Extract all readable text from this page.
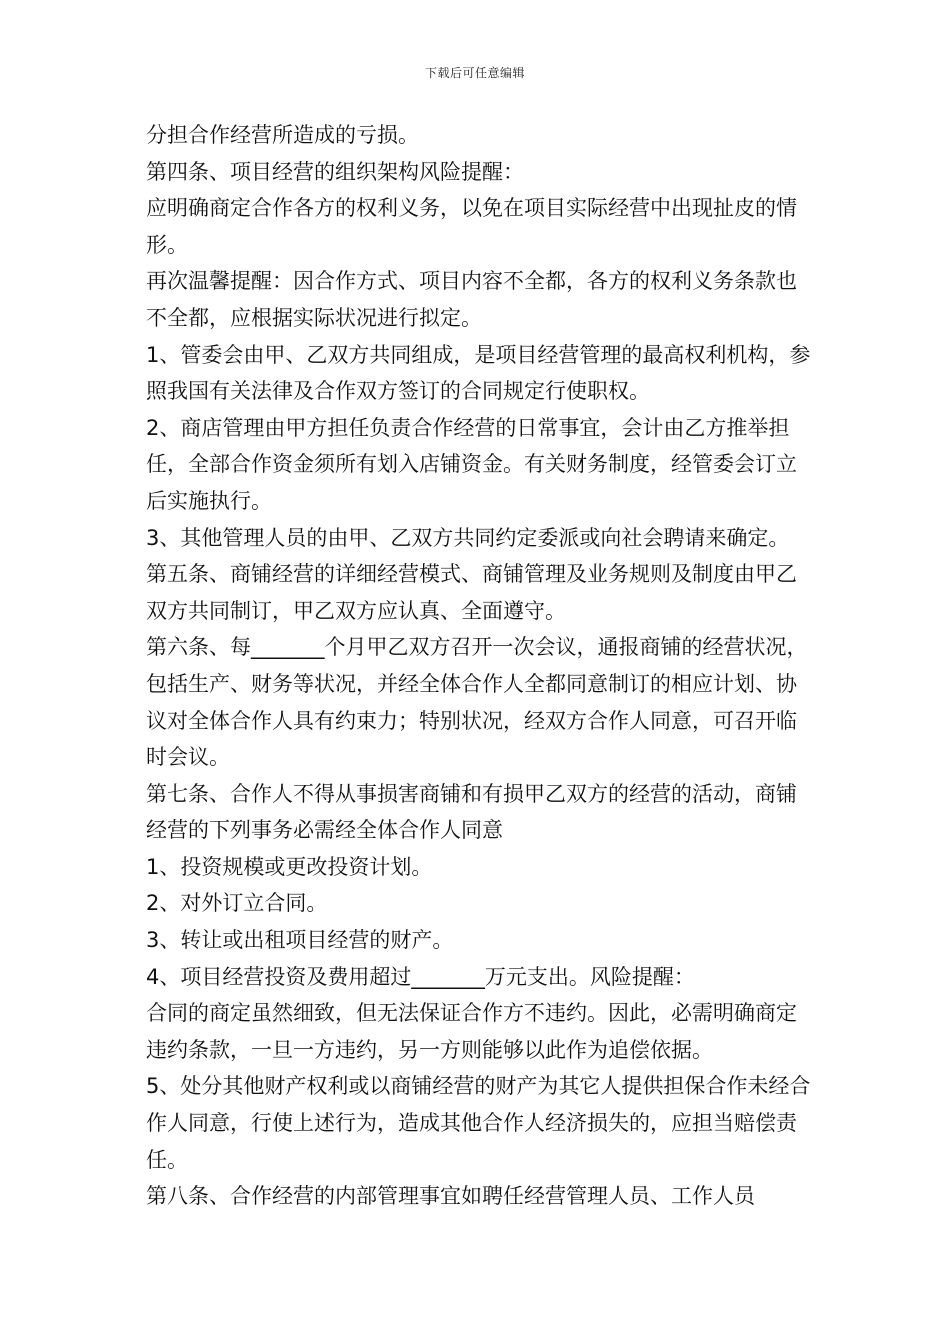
下载后可任意编辑

分担合作经营所造成的亏损。

第四条、项目经营的组织架构风险提醒：

应明确商定合作各方的权利义务，以免在项目实际经营中出现扯皮的情形。

再次温馨提醒：因合作方式、项目内容不全都，各方的权利义务条款也不全都，应根据实际状况进行拟定。

1、管委会由甲、乙双方共同组成，是项目经营管理的最高权利机构，参照我国有关法律及合作双方签订的合同规定行使职权。

2、商店管理由甲方担任负责合作经营的日常事宜，会计由乙方推举担任，全部合作资金须所有划入店铺资金。有关财务制度，经管委会订立后实施执行。

3、其他管理人员的由甲、乙双方共同约定委派或向社会聘请来确定。

第五条、商铺经营的详细经营模式、商铺管理及业务规则及制度由甲乙双方共同制订，甲乙双方应认真、全面遵守。

第六条、每_______个月甲乙双方召开一次会议，通报商铺的经营状况，包括生产、财务等状况，并经全体合作人全都同意制订的相应计划、协议对全体合作人具有约束力；特别状况，经双方合作人同意，可召开临时会议。

第七条、合作人不得从事损害商铺和有损甲乙双方的经营的活动，商铺经营的下列事务必需经全体合作人同意

1、投资规模或更改投资计划。

2、对外订立合同。

3、转让或出租项目经营的财产。

4、项目经营投资及费用超过_______万元支出。风险提醒：

合同的商定虽然细致，但无法保证合作方不违约。因此，必需明确商定违约条款，一旦一方违约，另一方则能够以此作为追偿依据。

5、处分其他财产权利或以商铺经营的财产为其它人提供担保合作未经合作人同意，行使上述行为，造成其他合作人经济损失的，应担当赔偿责任。

第八条、合作经营的内部管理事宜如聘任经营管理人员、工作人员
